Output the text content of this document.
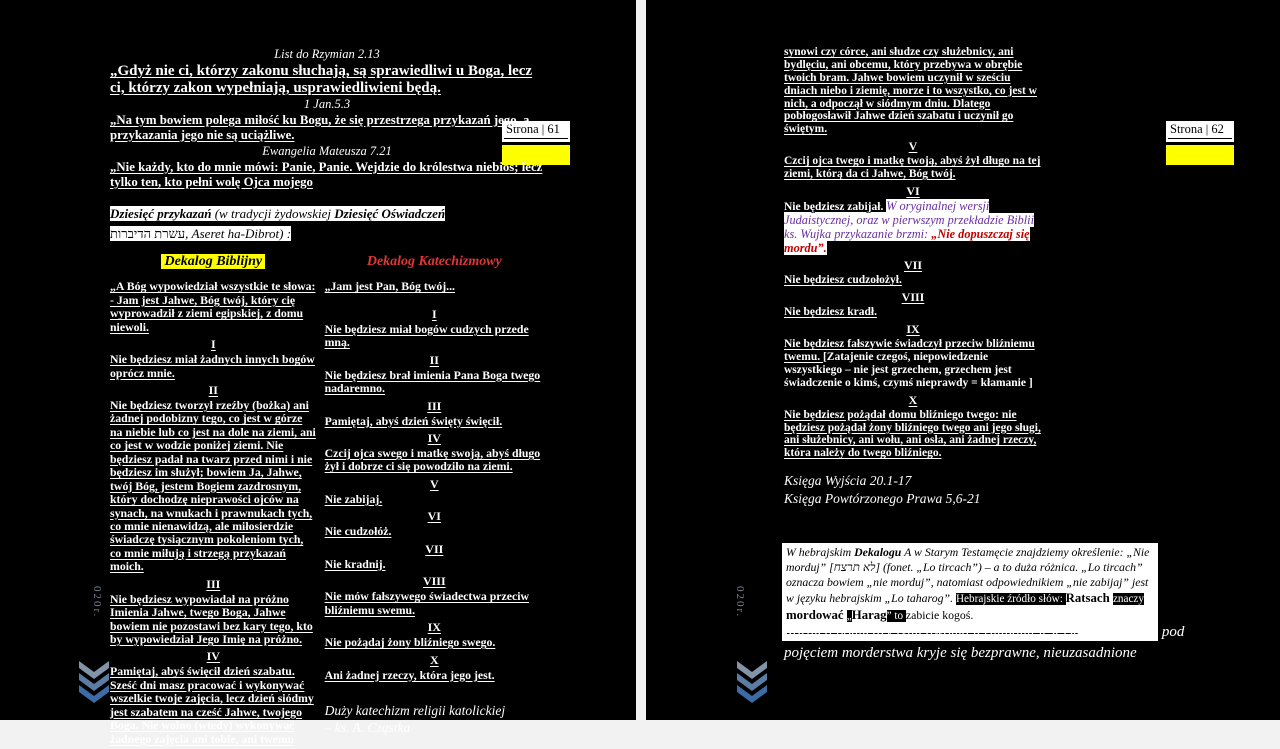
020r.
Strona | 61
List do Rzymian 2.13
„Gdyż nie ci, którzy zakonu słuchają, są sprawiedliwi u Boga, lecz ci, którzy zakon wypełniają, usprawiedliwieni będą.
1 Jan.5.3
„Na tym bowiem polega miłość ku Bogu, że się przestrzega przykazań jego, a przykazania jego nie są uciążliwe.
Ewangelia Mateusza 7.21
„Nie każdy, kto do mnie mówi: Panie, Panie. Wejdzie do królestwa niebios; lecz tylko ten, kto pełni wolę Ojca mojego

Dziesięć przykazań (w tradycji żydowskiej Dziesięć Oświadczeń עשרת הדיברות, Aseret ha-Dibrot) :

Dekalog Biblijny
„A Bóg wypowiedział wszystkie te słowa: - Jam jest Jahwe, Bóg twój, który cię wyprowadził z ziemi egipskiej, z domu niewoli.
I
Nie będziesz miał żadnych innych bogów oprócz mnie.
II
Nie będziesz tworzył rzeźby (bożka) ani żadnej podobizny tego, co jest w górze na niebie lub co jest na dole na ziemi, ani co jest w wodzie poniżej ziemi. Nie będziesz padał na twarz przed nimi i nie będziesz im służył; bowiem Ja, Jahwe, twój Bóg, jestem Bogiem zazdrosnym, który dochodzę nieprawości ojców na synach, na wnukach i prawnukach tych, co mnie nienawidzą, ale miłosierdzie świadczę tysiącznym pokoleniom tych, co mnie miłują i strzegą przykazań moich.
III
Nie będziesz wypowiadał na próżno Imienia Jahwe, twego Boga, Jahwe bowiem nie pozostawi bez kary tego, kto by wypowiedział Jego Imię na próżno.
IV
Pamiętaj, abyś święcił dzień szabatu. Sześć dni masz pracować i wykonywać wszelkie twoje zajęcia, lecz dzień siódmy jest szabatem na cześć Jahwe, twojego Boga. Nie wolno (wtedy) wykonywać żadnego zajęcia ani tobie, ani twemu
Dekalog Katechizmowy
„Jam jest Pan, Bóg twój...
I
Nie będziesz miał bogów cudzych przede mną.
II
Nie będziesz brał imienia Pana Boga twego nadaremno.
III
Pamiętaj, abyś dzień święty święcił.
IV
Czcij ojca swego i matkę swoją, abyś długo żył i dobrze ci się powodziło na ziemi.
V
Nie zabijaj.
VI
Nie cudzołóż.
VII
Nie kradnij.
VIII
Nie mów fałszywego świadectwa przeciw bliźniemu swemu.
IX
Nie pożądaj żony bliźniego swego.
X
Ani żadnej rzeczy, która jego jest.
Duży katechizm religii katolickiej
– ks. A. Cząstka
020r.
Strona | 62
synowi czy córce, ani słudze czy służebnicy, ani bydlęciu, ani obcemu, który przebywa w obrębie twoich bram. Jahwe bowiem uczynił w sześciu dniach niebo i ziemię, morze i to wszystko, co jest w nich, a odpoczął w siódmym dniu. Dlatego pobłogosławił Jahwe dzień szabatu i uczynił go świętym.
V
Czcij ojca twego i matkę twoją, abyś żył długo na tej ziemi, którą da ci Jahwe, Bóg twój.
VI
Nie będziesz zabijał. W oryginalnej wersji Judaistycznej, oraz w pierwszym przekładzie Biblii ks. Wujka przykazanie brzmi: „Nie dopuszczaj się mordu”.
VII
Nie będziesz cudzołożył.
VIII
Nie będziesz kradł.
IX
Nie będziesz fałszywie świadczył przeciw bliźniemu twemu. [Zatajenie czegoś, niepowiedzenie wszystkiego – nie jest grzechem, grzechem jest świadczenie o kimś, czymś nieprawdy = kłamanie ]
X
Nie będziesz pożądał domu bliźniego twego: nie będziesz pożądał żony bliźniego twego ani jego sługi, ani służebnicy, ani wołu, ani osła, ani żadnej rzeczy, która należy do twego bliźniego.
Księga Wyjścia 20.1-17
Księga Powtórzonego Prawa 5,6-21
W hebrajskim Dekalogu A w Starym Testamęcie znajdziemy określenie: „Nie morduj” [לא תרצח] (fonet. „Lo tircach”) – a to duża różnica. „Lo tircach” oznacza bowiem „nie morduj”, natomiast odpowiednikiem „nie zabijaj” jest w języku hebrajskim „Lo taharog”. Hebrajskie źródło słów: Ratsach znaczy mordować „Harag” to zabicie kogoś.
Różnica pomiędzy tymi dwoma terminami jest istotna, bowiem pod pojęciem morderstwa kryje się bezprawne, nieuzasadnione
